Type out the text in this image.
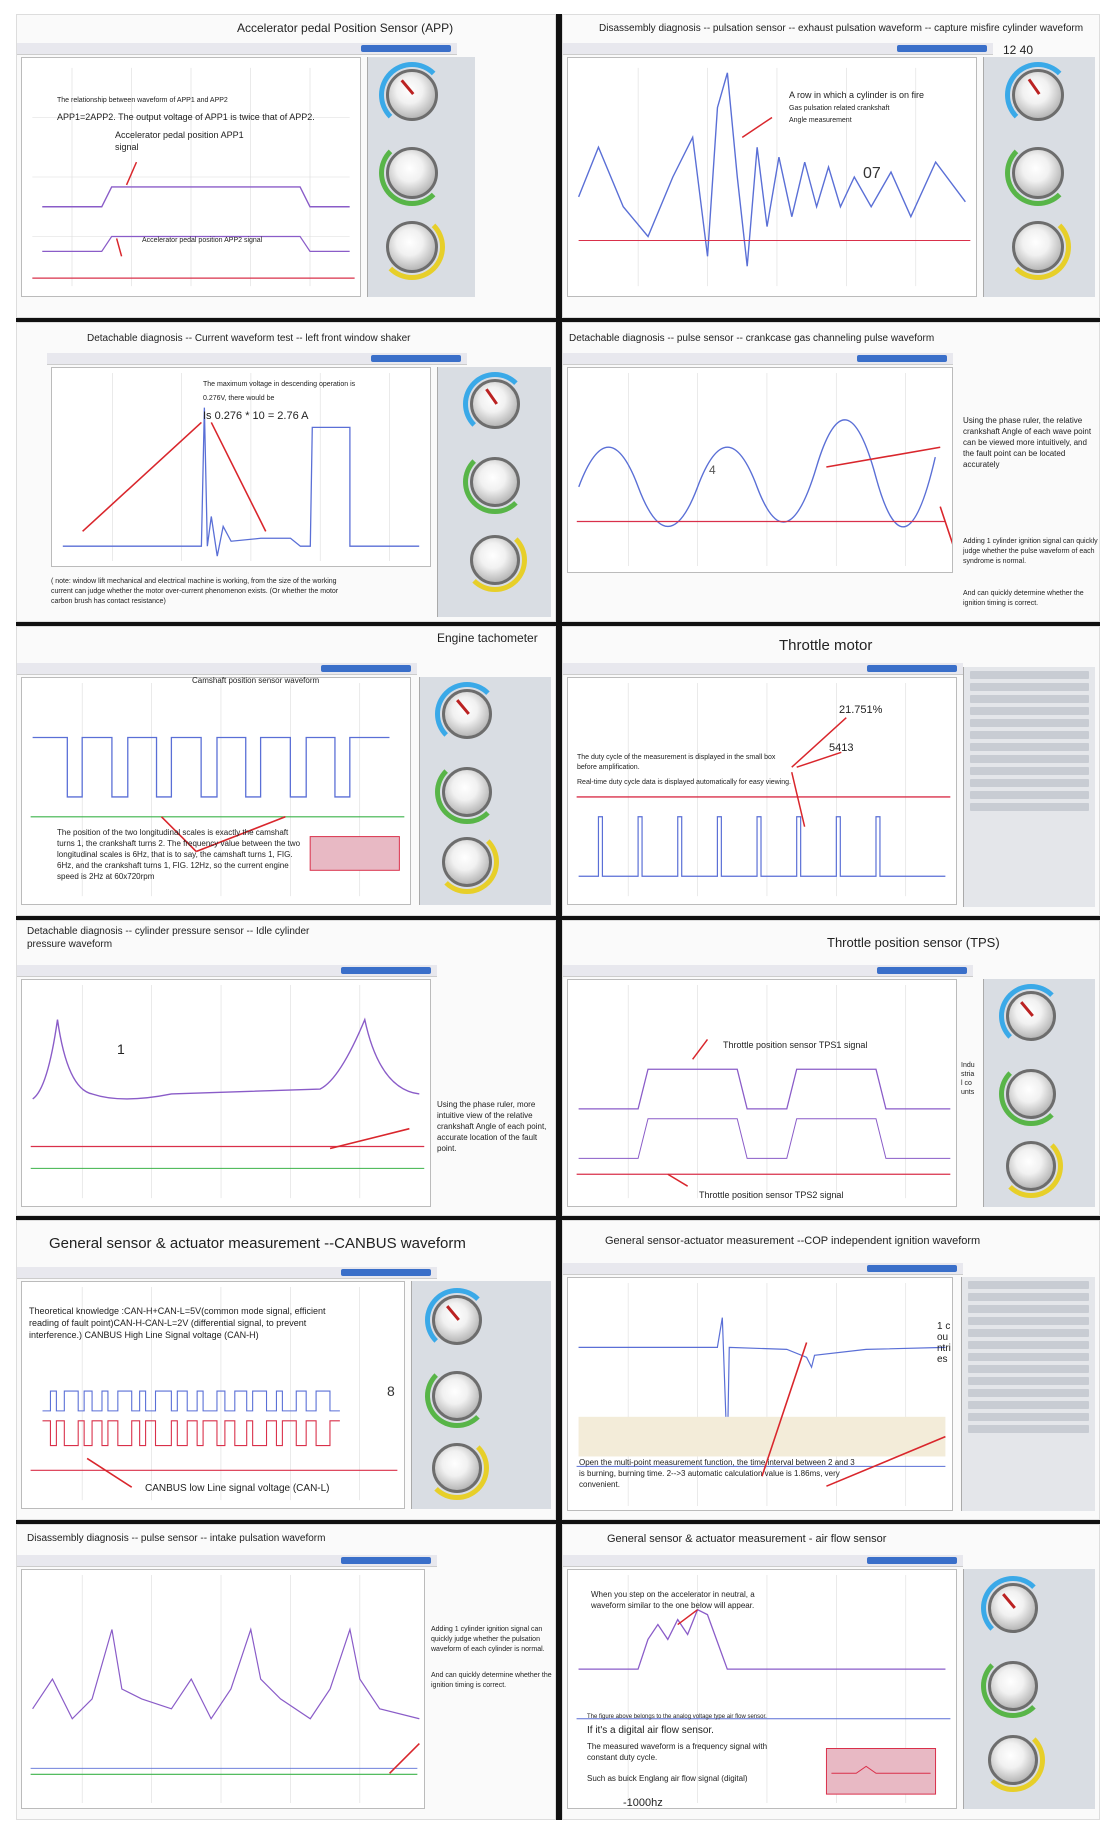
Accelerator pedal Position Sensor (APP)
The relationship between waveform of APP1 and APP2
APP1=2APP2. The output voltage of APP1 is twice that of APP2.
Accelerator pedal position APP1 signal
Accelerator pedal position APP2 signal
Disassembly diagnosis -- pulsation sensor -- exhaust pulsation waveform -- capture misfire cylinder waveform
12 40
A row in which a cylinder is on fire
Gas pulsation related crankshaft Angle measurement
07
Detachable diagnosis -- Current waveform test -- left front window shaker
The maximum voltage in descending operation is
0.276V, there would be
Is 0.276 * 10 = 2.76 A
( note: window lift mechanical and electrical machine is working, from the size of the working current can judge whether the motor over-current phenomenon exists. (Or whether the motor carbon brush has contact resistance)
Detachable diagnosis -- pulse sensor -- crankcase gas channeling pulse waveform
4
Using the phase ruler, the relative crankshaft Angle of each wave point can be viewed more intuitively, and the fault point can be located accurately
Adding 1 cylinder ignition signal can quickly judge whether the pulse waveform of each syndrome is normal.
And can quickly determine whether the ignition timing is correct.
Engine tachometer
Camshaft position sensor waveform
The position of the two longitudinal scales is exactly the camshaft turns 1, the crankshaft turns 2. The frequency value between the two longitudinal scales is 6Hz, that is to say, the camshaft turns 1, FIG. 6Hz, and the crankshaft turns 1, FIG. 12Hz, so the current engine speed is 2Hz at 60x720rpm
Throttle motor
21.751%
5413
The duty cycle of the measurement is displayed in the small box before amplification.
Real-time duty cycle data is displayed automatically for easy viewing.
Detachable diagnosis -- cylinder pressure sensor -- Idle cylinder pressure waveform
1
Using the phase ruler, more intuitive view of the relative crankshaft Angle of each point, accurate location of the fault point.
Throttle position sensor (TPS)
Throttle position sensor TPS1 signal
Throttle position sensor TPS2 signal
Industrial counts
General sensor & actuator measurement --CANBUS waveform
Theoretical knowledge :CAN-H+CAN-L=5V(common mode signal, efficient reading of fault point)CAN-H-CAN-L=2V (differential signal, to prevent interference.) CANBUS High Line Signal voltage (CAN-H)
CANBUS low Line signal voltage (CAN-L)
8
General sensor-actuator measurement --COP independent ignition waveform
Open the multi-point measurement function, the time interval between 2 and 3 is burning, burning time. 2-->3 automatic calculation value is 1.86ms, very convenient.
1 countries
Disassembly diagnosis -- pulse sensor -- intake pulsation waveform
Adding 1 cylinder ignition signal can quickly judge whether the pulsation waveform of each cylinder is normal.
And can quickly determine whether the ignition timing is correct.
General sensor & actuator measurement - air flow sensor
When you step on the accelerator in neutral, a waveform similar to the one below will appear.
The figure above belongs to the analog voltage type air flow sensor.
If it's a digital air flow sensor.
The measured waveform is a frequency signal with constant duty cycle.
Such as buick Englang air flow signal (digital)
-1000hz
